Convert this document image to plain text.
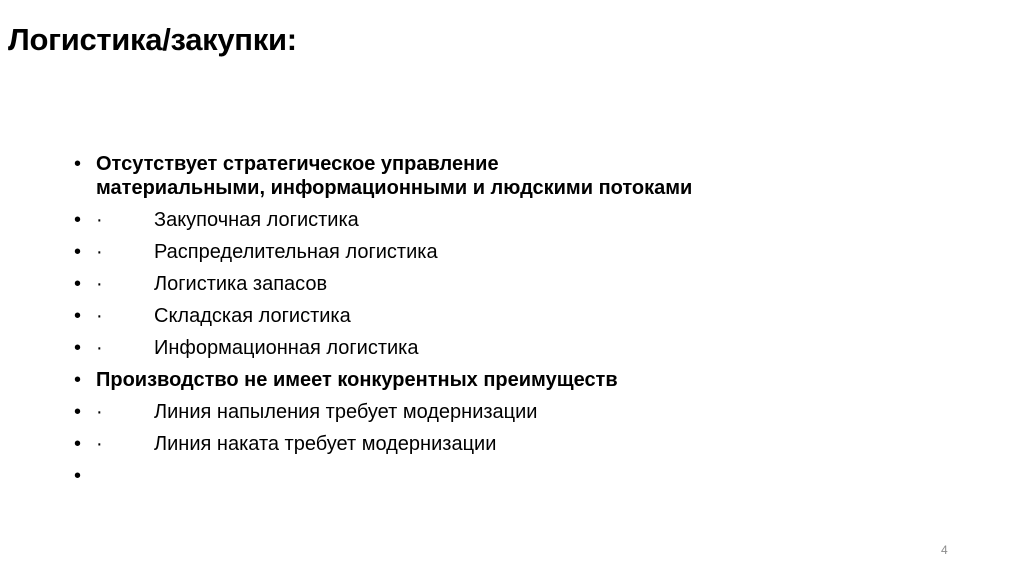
Логистика/закупки:
• Отсутствует стратегическое управление
материальными, информационными и людскими потоками
• ·	Закупочная логистика
• ·	Распределительная логистика
• ·	Логистика запасов
• ·	Складская логистика
• ·	Информационная логистика
• Производство не имеет конкурентных преимуществ
• ·	Линия напыления требует модернизации
• ·	Линия наката требует модернизации
•
4
